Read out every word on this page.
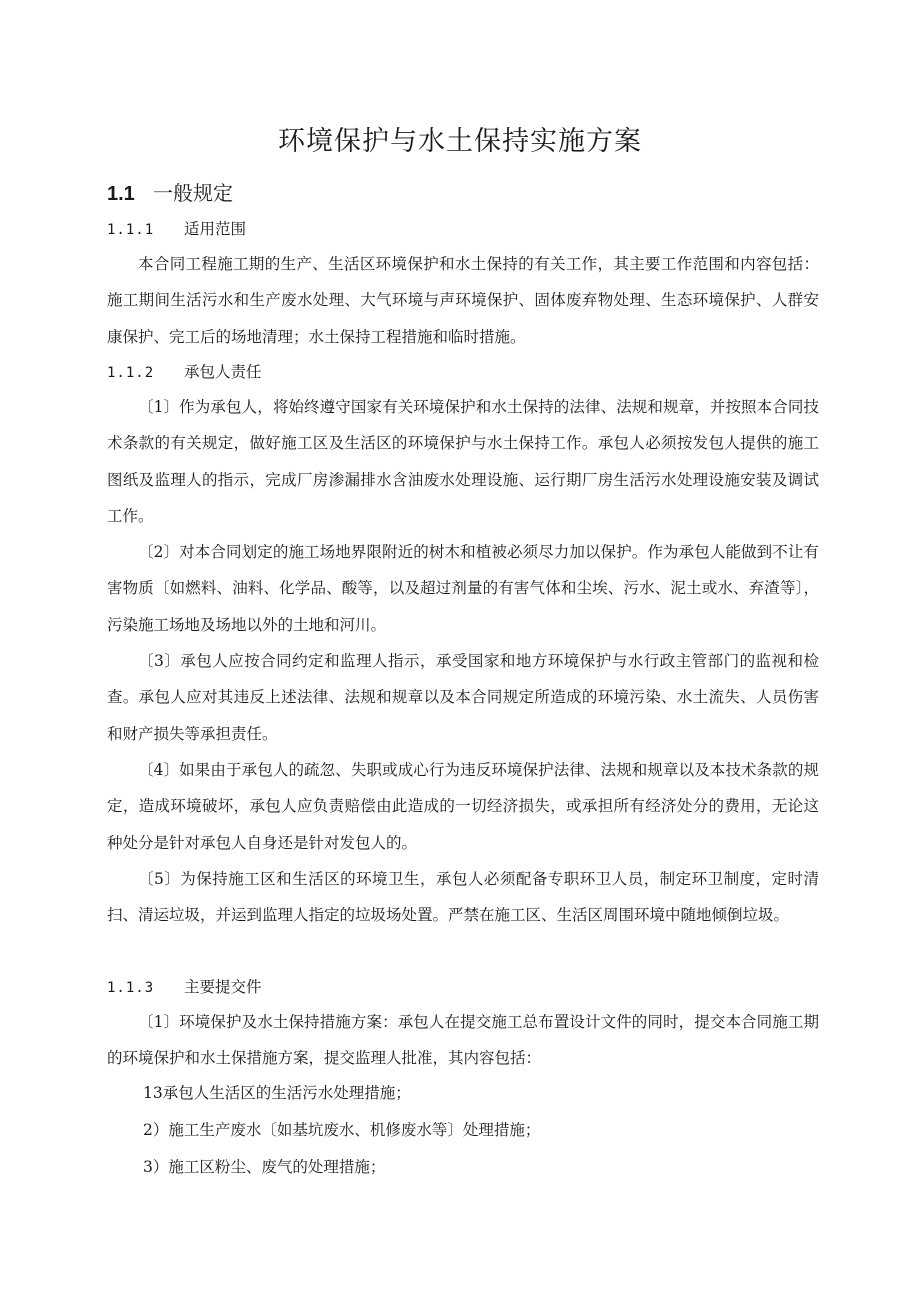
环境保护与水土保持实施方案
1.1 一般规定
1.1.1 适用范围

本合同工程施工期的生产、生活区环境保护和水土保持的有关工作，其主要工作范围和内容包括：施工期间生活污水和生产废水处理、大气环境与声环境保护、固体废弃物处理、生态环境保护、人群安康保护、完工后的场地清理；水土保持工程措施和临时措施。

1.1.2 承包人责任

〔1〕作为承包人，将始终遵守国家有关环境保护和水土保持的法律、法规和规章，并按照本合同技术条款的有关规定，做好施工区及生活区的环境保护与水土保持工作。承包人必须按发包人提供的施工图纸及监理人的指示，完成厂房渗漏排水含油废水处理设施、运行期厂房生活污水处理设施安装及调试工作。

〔2〕对本合同划定的施工场地界限附近的树木和植被必须尽力加以保护。作为承包人能做到不让有害物质〔如燃料、油料、化学品、酸等，以及超过剂量的有害气体和尘埃、污水、泥土或水、弃渣等〕，污染施工场地及场地以外的土地和河川。

〔3〕承包人应按合同约定和监理人指示，承受国家和地方环境保护与水行政主管部门的监视和检查。承包人应对其违反上述法律、法规和规章以及本合同规定所造成的环境污染、水土流失、人员伤害和财产损失等承担责任。

〔4〕如果由于承包人的疏忽、失职或成心行为违反环境保护法律、法规和规章以及本技术条款的规定，造成环境破坏，承包人应负责赔偿由此造成的一切经济损失，或承担所有经济处分的费用，无论这种处分是针对承包人自身还是针对发包人的。

〔5〕为保持施工区和生活区的环境卫生，承包人必须配备专职环卫人员，制定环卫制度，定时清扫、清运垃圾，并运到监理人指定的垃圾场处置。严禁在施工区、生活区周围环境中随地倾倒垃圾。

1.1.3 主要提交件

〔1〕环境保护及水土保持措施方案：承包人在提交施工总布置设计文件的同时，提交本合同施工期的环境保护和水土保措施方案，提交监理人批准，其内容包括：

13承包人生活区的生活污水处理措施；

2）施工生产废水〔如基坑废水、机修废水等〕处理措施；

3）施工区粉尘、废气的处理措施；
